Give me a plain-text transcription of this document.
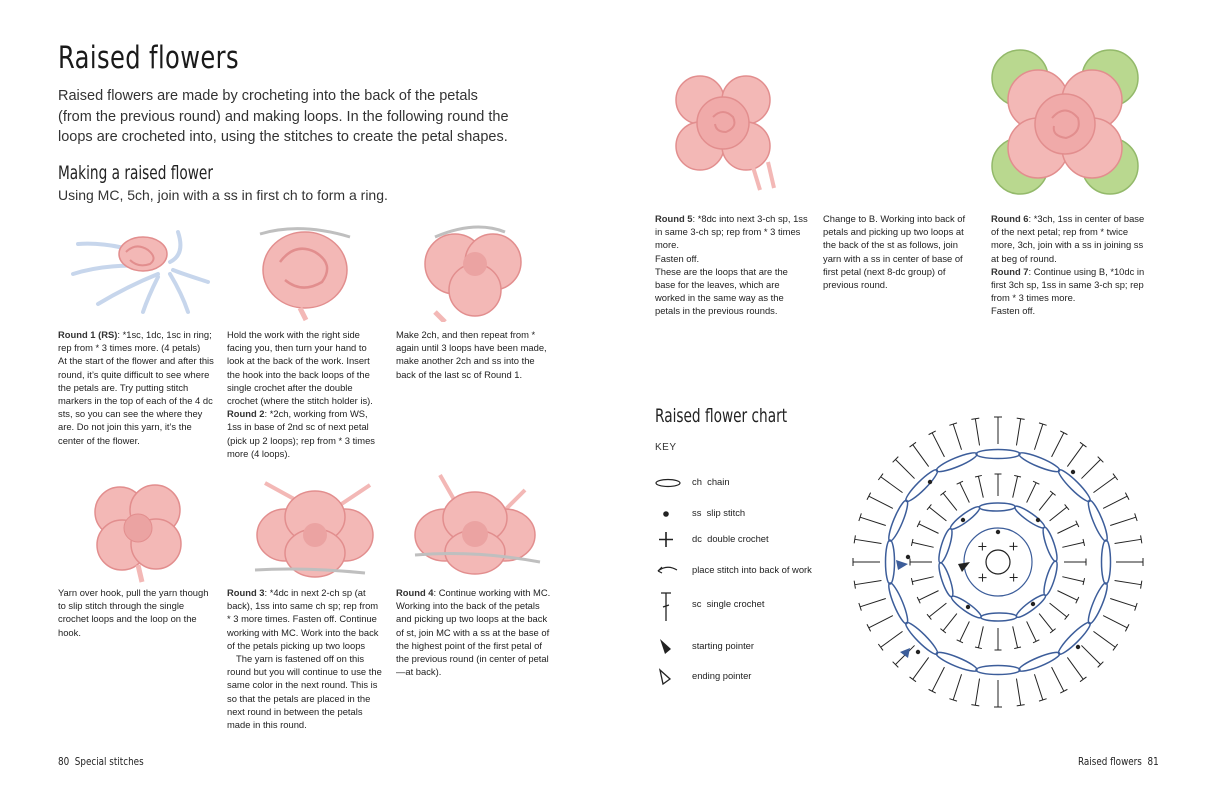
Raised flowers
Raised flowers are made by crocheting into the back of the petals (from the previous round) and making loops. In the following round the loops are crocheted into, using the stitches to create the petal shapes.
Making a raised flower
Using MC, 5ch, join with a ss in first ch to form a ring.

Round 1 (RS): *1sc, 1dc, 1sc in ring; rep from * 3 times more. (4 petals)

At the start of the flower and after this round, it’s quite difficult to see where the petals are. Try putting stitch markers in the top of each of the 4 dc sts, so you can see the where they are. Do not join this yarn, it’s the center of the flower.

Hold the work with the right side facing you, then turn your hand to look at the back of the work. Insert the hook into the back loops of the single crochet after the double crochet (where the stitch holder is).

Round 2: *2ch, working from WS, 1ss in base of 2nd sc of next petal (pick up 2 loops); rep from * 3 times more (4 loops).

Make 2ch, and then repeat from * again until 3 loops have been made, make another 2ch and ss into the back of the last sc of Round 1.

Yarn over hook, pull the yarn though to slip stitch through the single crochet loops and the loop on the hook.

Round 3: *4dc in next 2-ch sp (at back), 1ss into same ch sp; rep from * 3 more times. Fasten off. Continue working with MC. Work into the back of the petals picking up two loops

The yarn is fastened off on this round but you will continue to use the same color in the next round. This is so that the petals are placed in the next round in between the petals made in this round.

Round 4: Continue working with MC. Working into the back of the petals and picking up two loops at the back of st, join MC with a ss at the base of the highest point of the first petal of the previous round (in center of petal—at back).

80 Special stitches

Round 5: *8dc into next 3-ch sp, 1ss in same 3-ch sp; rep from * 3 times more.

Fasten off.

These are the loops that are the base for the leaves, which are worked in the same way as the petals in the previous rounds.

Change to B. Working into back of petals and picking up two loops at the back of the st as follows, join yarn with a ss in center of base of first petal (next 8-dc group) of previous round.

Round 6: *3ch, 1ss in center of base of the next petal; rep from * twice more, 3ch, join with a ss in joining ss at beg of round.

Round 7: Continue using B, *10dc in first 3ch sp, 1ss in same 3-ch sp; rep from * 3 times more.

Fasten off.

Raised flower chart
KEY
ch chain
ss slip stitch
dc double crochet
place stitch into back of work
sc single crochet
starting pointer
ending pointer
Raised flowers 81
